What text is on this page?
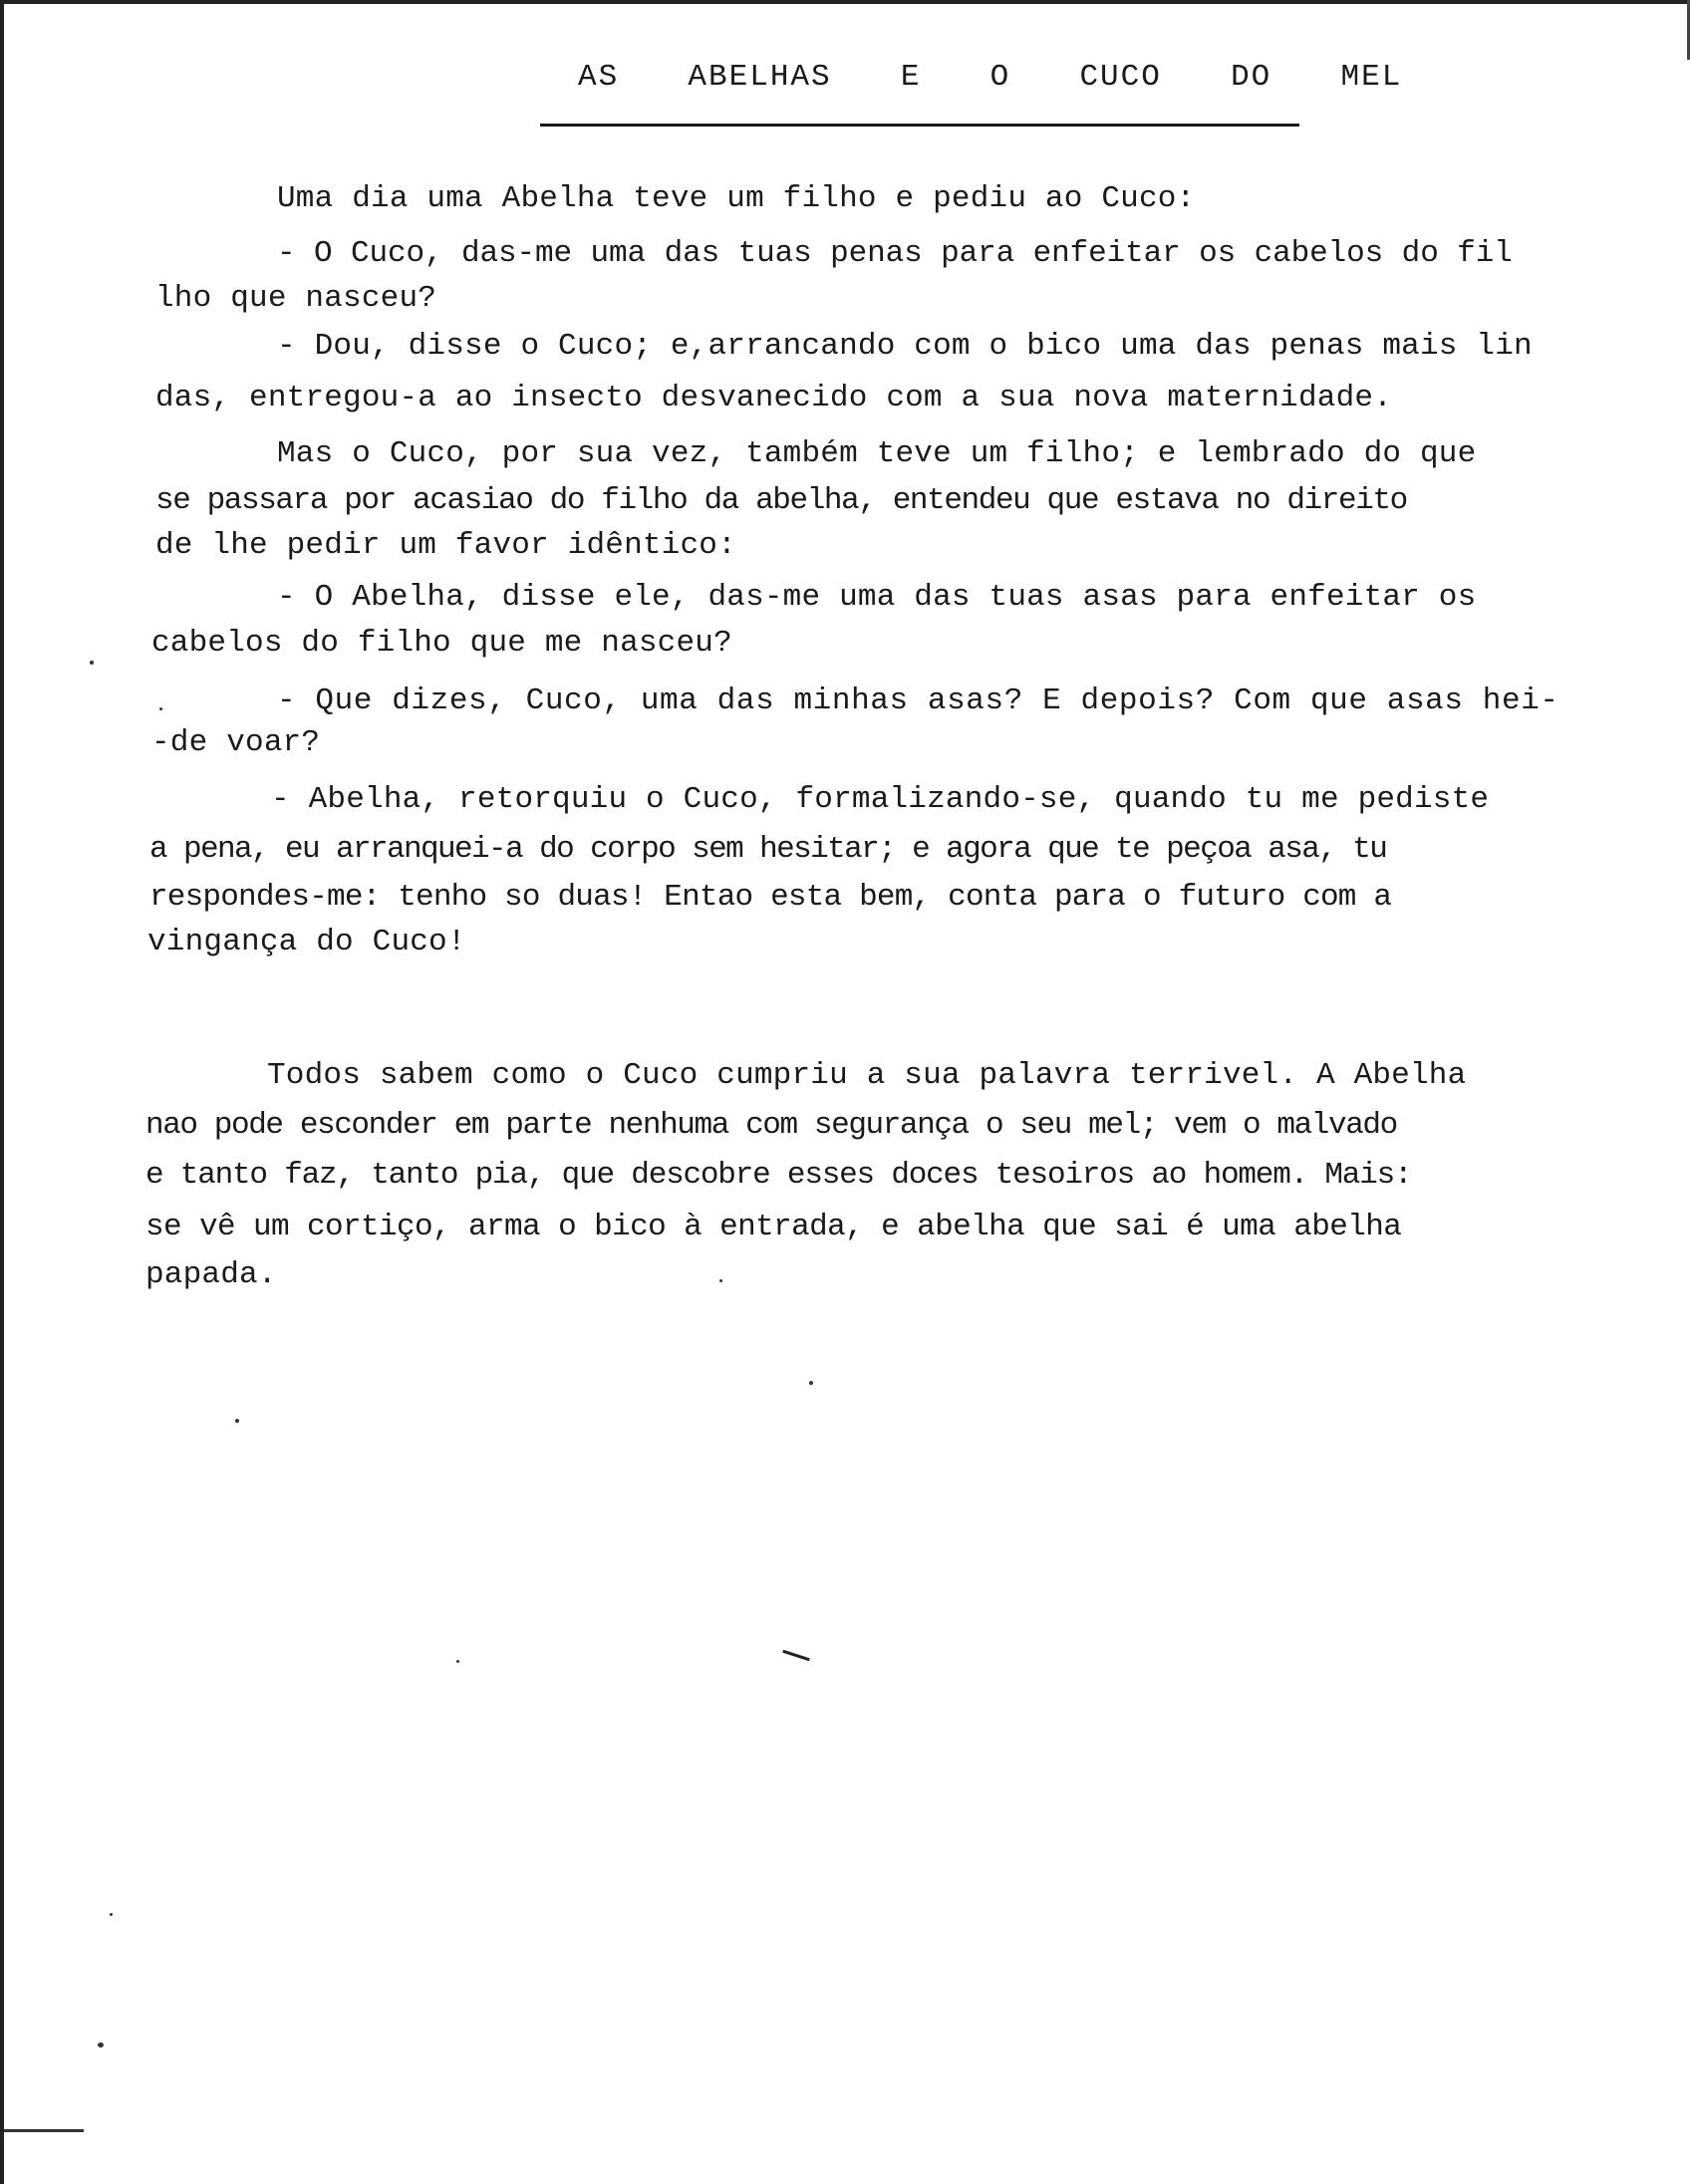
AS  ABELHAS  E  O  CUCO  DO  MEL
Uma dia uma Abelha teve um filho e pediu ao Cuco:
- O Cuco, das-me uma das tuas penas para enfeitar os cabelos do fil
lho que nasceu?
- Dou, disse o Cuco; e,arrancando com o bico uma das penas mais lin
das, entregou-a ao insecto desvanecido com a sua nova maternidade.
Mas o Cuco, por sua vez, também teve um filho; e lembrado do que
se passara por acasiao do filho da abelha, entendeu que estava no direito
de lhe pedir um favor idêntico:
- O Abelha, disse ele, das-me uma das tuas asas para enfeitar os
cabelos do filho que me nasceu?
- Que dizes, Cuco, uma das minhas asas? E depois? Com que asas hei-
-de voar?
- Abelha, retorquiu o Cuco, formalizando-se, quando tu me pediste
a pena, eu arranquei-a do corpo sem hesitar; e agora que te peçoa asa, tu
respondes-me: tenho so duas! Entao esta bem, conta para o futuro com a
vingança do Cuco!
Todos sabem como o Cuco cumpriu a sua palavra terrivel. A Abelha
nao pode esconder em parte nenhuma com segurança o seu mel; vem o malvado
e tanto faz, tanto pia, que descobre esses doces tesoiros ao homem. Mais:
se vê um cortiço, arma o bico à entrada, e abelha que sai é uma abelha
papada.
